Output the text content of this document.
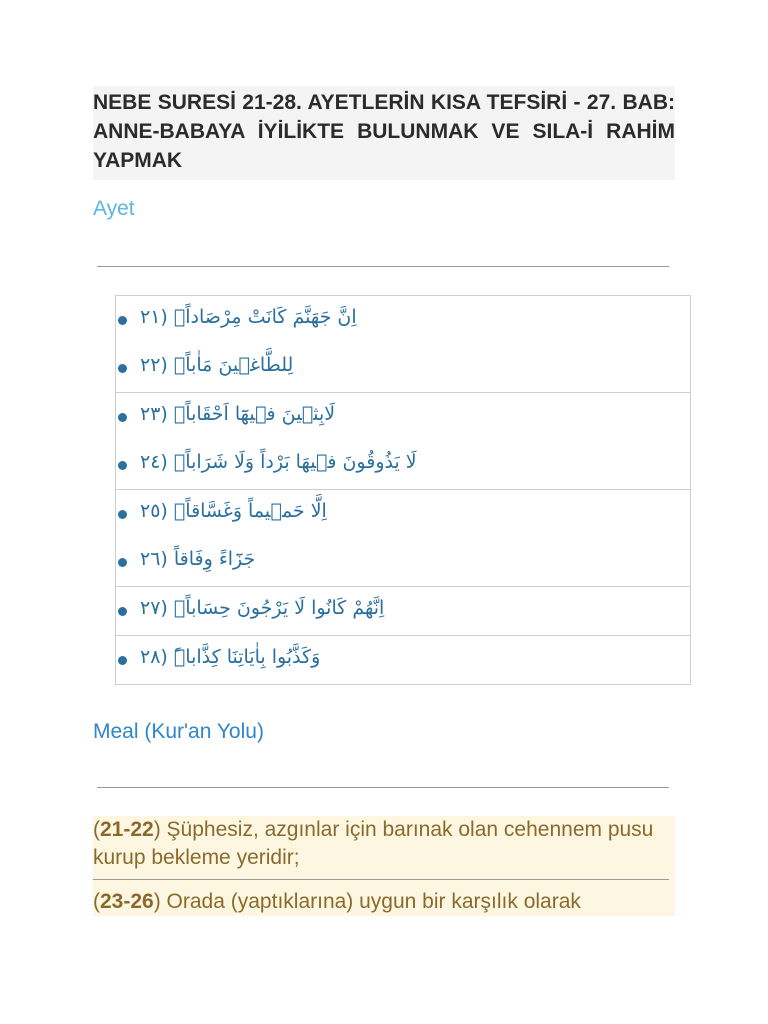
NEBE SURESİ 21-28. AYETLERİN KISA TEFSİRİ - 27. BAB: ANNE-BABAYA İYİLİKTE BULUNMAK VE SILA-İ RAHİM YAPMAK
Ayet
اِنَّ جَهَنَّمَ كَانَتْ مِرْصَاداًۙ (٢١
لِلطَّاغ۪ينَ مَاٰباًۙ (٢٢
لَابِث۪ينَ ف۪يهَٓا اَحْقَاباًۚ (٢٣
لَا يَذُوقُونَ ف۪يهَا بَرْداً وَلَا شَرَاباًۙ (٢٤
اِلَّا حَم۪يماً وَغَسَّاقاًۙ (٢٥
جَزَٓاءً وِفَاقاً (٢٦
اِنَّهُمْ كَانُوا لَا يَرْجُونَ حِسَاباًۙ (٢٧
وَكَذَّبُوا بِاٰيَاتِنَا كِذَّاباًۜ (٢٨
Meal (Kur'an Yolu)
(21-22) Şüphesiz, azgınlar için barınak olan cehennem pusu kurup bekleme yeridir;
(23-26) Orada (yaptıklarına) uygun bir karşılık olarak
